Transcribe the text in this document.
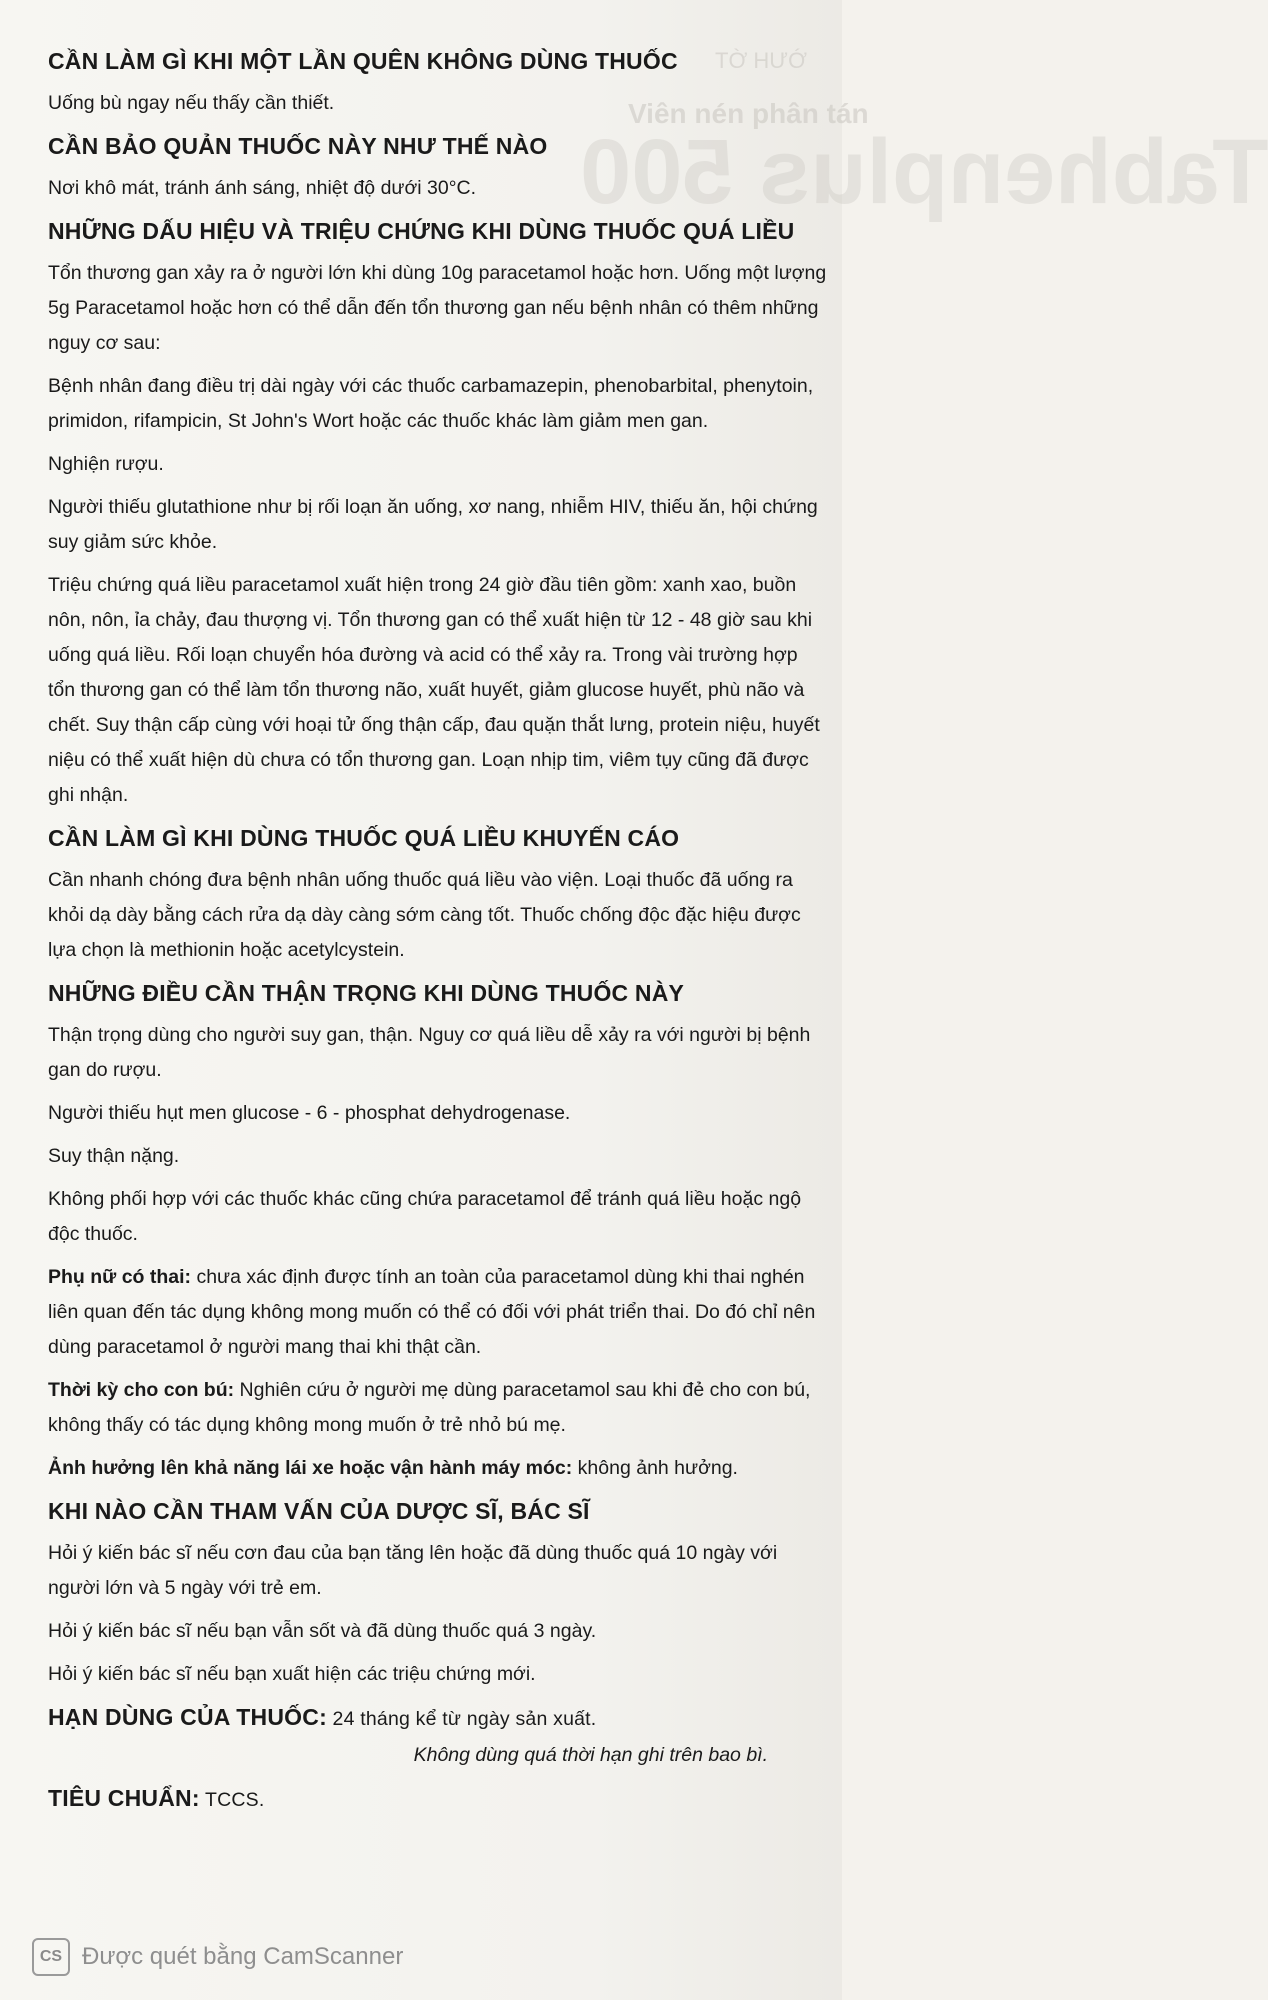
TỜ HƯỚ
Viên nén phân tán
Tabhenplus 500
CẦN LÀM GÌ KHI MỘT LẦN QUÊN KHÔNG DÙNG THUỐC

Uống bù ngay nếu thấy cần thiết.

CẦN BẢO QUẢN THUỐC NÀY NHƯ THẾ NÀO

Nơi khô mát, tránh ánh sáng, nhiệt độ dưới 30°C.

NHỮNG DẤU HIỆU VÀ TRIỆU CHỨNG KHI DÙNG THUỐC QUÁ LIỀU

Tổn thương gan xảy ra ở người lớn khi dùng 10g paracetamol hoặc hơn. Uống một lượng 5g Paracetamol hoặc hơn có thể dẫn đến tổn thương gan nếu bệnh nhân có thêm những nguy cơ sau:

Bệnh nhân đang điều trị dài ngày với các thuốc carbamazepin, phenobarbital, phenytoin, primidon, rifampicin, St John's Wort hoặc các thuốc khác làm giảm men gan.

Nghiện rượu.

Người thiếu glutathione như bị rối loạn ăn uống, xơ nang, nhiễm HIV, thiếu ăn, hội chứng suy giảm sức khỏe.

Triệu chứng quá liều paracetamol xuất hiện trong 24 giờ đầu tiên gồm: xanh xao, buồn nôn, nôn, ỉa chảy, đau thượng vị. Tổn thương gan có thể xuất hiện từ 12 - 48 giờ sau khi uống quá liều. Rối loạn chuyển hóa đường và acid có thể xảy ra. Trong vài trường hợp tổn thương gan có thể làm tổn thương não, xuất huyết, giảm glucose huyết, phù não và chết. Suy thận cấp cùng với hoại tử ống thận cấp, đau quặn thắt lưng, protein niệu, huyết niệu có thể xuất hiện dù chưa có tổn thương gan. Loạn nhịp tim, viêm tụy cũng đã được ghi nhận.

CẦN LÀM GÌ KHI DÙNG THUỐC QUÁ LIỀU KHUYẾN CÁO

Cần nhanh chóng đưa bệnh nhân uống thuốc quá liều vào viện. Loại thuốc đã uống ra khỏi dạ dày bằng cách rửa dạ dày càng sớm càng tốt. Thuốc chống độc đặc hiệu được lựa chọn là methionin hoặc acetylcystein.

NHỮNG ĐIỀU CẦN THẬN TRỌNG KHI DÙNG THUỐC NÀY

Thận trọng dùng cho người suy gan, thận. Nguy cơ quá liều dễ xảy ra với người bị bệnh gan do rượu.

Người thiếu hụt men glucose - 6 - phosphat dehydrogenase.

Suy thận nặng.

Không phối hợp với các thuốc khác cũng chứa paracetamol để tránh quá liều hoặc ngộ độc thuốc.

Phụ nữ có thai: chưa xác định được tính an toàn của paracetamol dùng khi thai nghén liên quan đến tác dụng không mong muốn có thể có đối với phát triển thai. Do đó chỉ nên dùng paracetamol ở người mang thai khi thật cần.

Thời kỳ cho con bú: Nghiên cứu ở người mẹ dùng paracetamol sau khi đẻ cho con bú, không thấy có tác dụng không mong muốn ở trẻ nhỏ bú mẹ.

Ảnh hưởng lên khả năng lái xe hoặc vận hành máy móc: không ảnh hưởng.

KHI NÀO CẦN THAM VẤN CỦA DƯỢC SĨ, BÁC SĨ

Hỏi ý kiến bác sĩ nếu cơn đau của bạn tăng lên hoặc đã dùng thuốc quá 10 ngày với người lớn và 5 ngày với trẻ em.

Hỏi ý kiến bác sĩ nếu bạn vẫn sốt và đã dùng thuốc quá 3 ngày.

Hỏi ý kiến bác sĩ nếu bạn xuất hiện các triệu chứng mới.

HẠN DÙNG CỦA THUỐC: 24 tháng kể từ ngày sản xuất.

Không dùng quá thời hạn ghi trên bao bì.

TIÊU CHUẨN: TCCS.
CS Được quét bằng CamScanner
